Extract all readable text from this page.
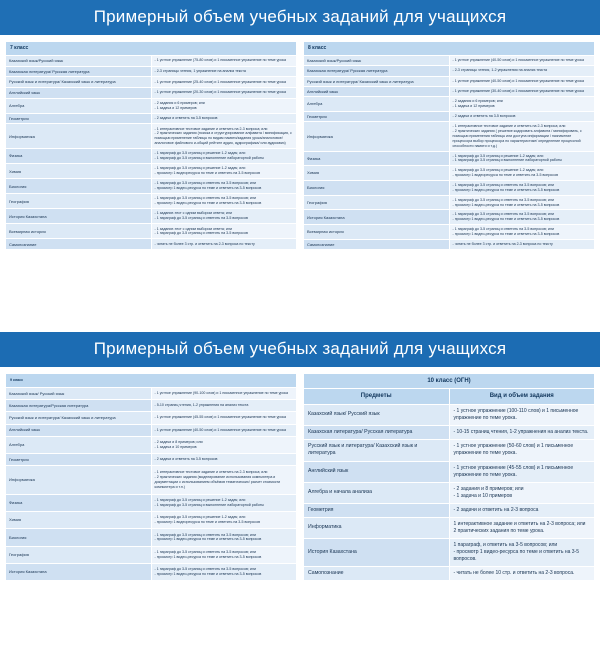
Примерный объем учебных заданий для учащихся
7 класс	
Казахский язык/Русский язык	- 1 устное упражнение (75-80 слов) и 1 письменное упражнение по теме урока
Казахская литература/ Русская литература	- 2-3 страницы чтения, 1 упражнение на анализ текста
Русский язык и литература/ Казахский язык и литература	- 1 устное упражнение (25-40 слов) и 1 письменное упражнение по теме урока
Английский язык	- 1 устное упражнение (20-30 слов) и 1 письменное упражнение по теме урока
Алгебра	- 2 задания и 6 примеров; или
- 1 задача и 12 примеров
Геометрия	- 2 задачи и ответить на 3-5 вопросов
Информатика	- 1 интерактивное тестовое задание и ответить на 2-3 вопроса; или
- 2 практических задания (поиска и структурирование алфавита / минификация, с помощью применение таблицы по видам памяти/задания урока/аналоговое/аналоговое файлового и-общий рейтинг аудио, аудиографика/ или аудиоквиз)
Физика	- 1 параграф до 3-5 страниц и решение 1-2 задач; или
- 1 параграф до 3-5 страниц и выполнение лабораторной работы
Химия	- 1 параграф до 3-5 страниц и решение 1-2 задач; или
- просмотр 1 видеоресурса по теме и ответить на 3-5 вопросов
Биология	- 1 параграф до 3-5 страниц и ответить на 3-5 вопросов; или
- просмотр 1 видео-ресурса по теме и ответить на 3-5 вопросов
География	- 1 параграф до 3-5 страниц и ответить на 3-5 вопросов; или
- просмотр 1 видео-ресурса по теме и ответить на 3-5 вопросов
История Казахстана	- 1 задание-тест с одним выбором ответа; или
- 1 параграф до 3-5 страниц и ответить на 3-5 вопросов
Всемирная история	- 1 задание-тест с одним выбором ответа; или
- 1 параграф до 3-5 страниц и ответить на 3-5 вопросов
Самопознание	- читать не более 3 стр. и ответить на 2-3 вопроса по тексту
8 класс	
Казахский язык/Русский язык	- 1 устное упражнение (40-50 слов) и 1 письменное упражнение по теме урока
Казахская литература/ Русская литература	- 2-3 страницы чтения, 1-2 упражнения на анализ текста
Русский язык и литература/ Казахский язык и литература	- 1 устное упражнение (40-50 слов) и 1 письменное упражнение по теме урока
Английский язык	- 1 устное упражнение (30-40 слов) и 1 письменное упражнение по теме урока
Алгебра	- 2 задания и 6 примеров; или
- 1 задача и 12 примеров
Геометрия	- 2 задачи и ответить на 3-5 вопросов
Информатика	- 1 интерактивное тестовое задание и ответить на 2-3 вопроса; или
- 2 практических задания ( решение кодировать алфавита / минифировать, с помощью применения таблицы или доступа информации / назначение процессора выбор процессора по характеристике/ определение процессной способности памяти и т.д.)
Физика	- 1 параграф до 3-5 страниц и решение 1-2 задач; или
- 1 параграф до 3-5 страниц и выполнение лабораторной работы
Химия	- 1 параграф до 3-5 страниц и решение 1-2 задач; или
- просмотр 1 видеоресурса по теме и ответить на 3-5 вопросов
Биология	- 1 параграф до 3-5 страниц и ответить на 3-5 вопросов; или
- просмотр 1 видео-ресурса по теме и ответить на 3-5 вопросов
География	- 1 параграф до 3-5 страниц и ответить на 3-5 вопросов; или
- просмотр 1 видео-ресурса по теме и ответить на 3-5 вопросов
История Казахстана	- 1 параграф до 3-5 страниц и ответить на 3-5 вопросов; или
- просмотр 1 видео-ресурса по теме и ответить на 3-5 вопросов
Всемирная история	- 1 параграф до 3-5 страниц и ответить на 3-5 вопросов; или
- просмотр 1 видео-ресурса по теме и ответить на 3-5 вопросов
Самопознание	- читать не более 3 стр. и ответить на 2-3 вопроса по тексту
Примерный объем учебных заданий для учащихся
9 класс	
Казахский язык/ Русский язык	- 1 устное упражнение (90-100 слов) и 1 письменное упражнение по теме урока
Казахская литература/Русская литература	- 5-10 страниц чтения, 1-2 упражнения на анализ текста
Русский язык и литература/ Казахский язык и литература	- 1 устное упражнение (45-55 слов) и 1 письменное упражнение по теме урока
Английский язык	- 1 устное упражнение (40-50 слов) и 1 письменное упражнение по теме урока
Алгебра	- 2 задачи и 8 примеров; или
- 1 задача и 10 примеров
Геометрия	- 2 задачи и ответить на 3-5 вопросов
Информатика	- 1 интерактивное тестовое задание и ответить на 2-3 вопроса; или
- 2 практических задания (моделирование использования компьютера и документации с использованием объёмов тематических/ расчет стоимости компьютера и т.п.)
Физика	- 1 параграф до 3-5 страниц и решение 1-2 задач; или
- 1 параграф до 3-5 страниц и выполнение лабораторной работы
Химия	- 1 параграф до 3-5 страниц и решение 1-2 задач; или
- просмотр 1 видеоресурса по теме и ответить на 3-5 вопросов
Биология	- 1 параграф до 3-5 страниц и ответить на 3-5 вопросов; или
- просмотр 1 видео-ресурса по теме и ответить на 3-5 вопросов
География	- 1 параграф до 3-5 страниц и ответить на 3-5 вопросов; или
- просмотр 1 видео-ресурса по теме и ответить на 3-5 вопросов
История Казахстана	- 1 параграф до 3-5 страниц и ответить на 3-5 вопросов; или
- просмотр 1 видео-ресурса по теме и ответить на 3-5 вопросов
10 класс (ОГН)	
Предметы	Вид и объем задания
Казахский язык/ Русский язык	- 1 устное упражнение (100-110 слов) и 1 письменное упражнение по теме урока.
Казахская литература/ Русская литература	- 10-15 страниц чтения, 1-2 упражнения на анализ текста.
Русский язык и литература/ Казахский язык и литература	- 1 устное упражнение (50-60 слов) и 1 письменное упражнение по теме урока.
Английский язык	- 1 устное упражнение (45-55 слов) и 1 письменное упражнение по теме урока.
Алгебра и начала анализа	- 2 задания и 8 примеров; или
- 1 задача и 10 примеров
Геометрия	- 2 задачи и ответить на 2-3 вопроса
Информатика	1 интерактивное задание и ответить на 2-3 вопроса; или
2 практических задания по теме урока.
История Казахстана	1 параграф, и ответить на 3-5 вопросов; или
- просмотр 1 видео-ресурса по теме и ответить на 3-5 вопросов.
Самопознание	- читать не более 10 стр. и ответить на 2-3 вопроса.
